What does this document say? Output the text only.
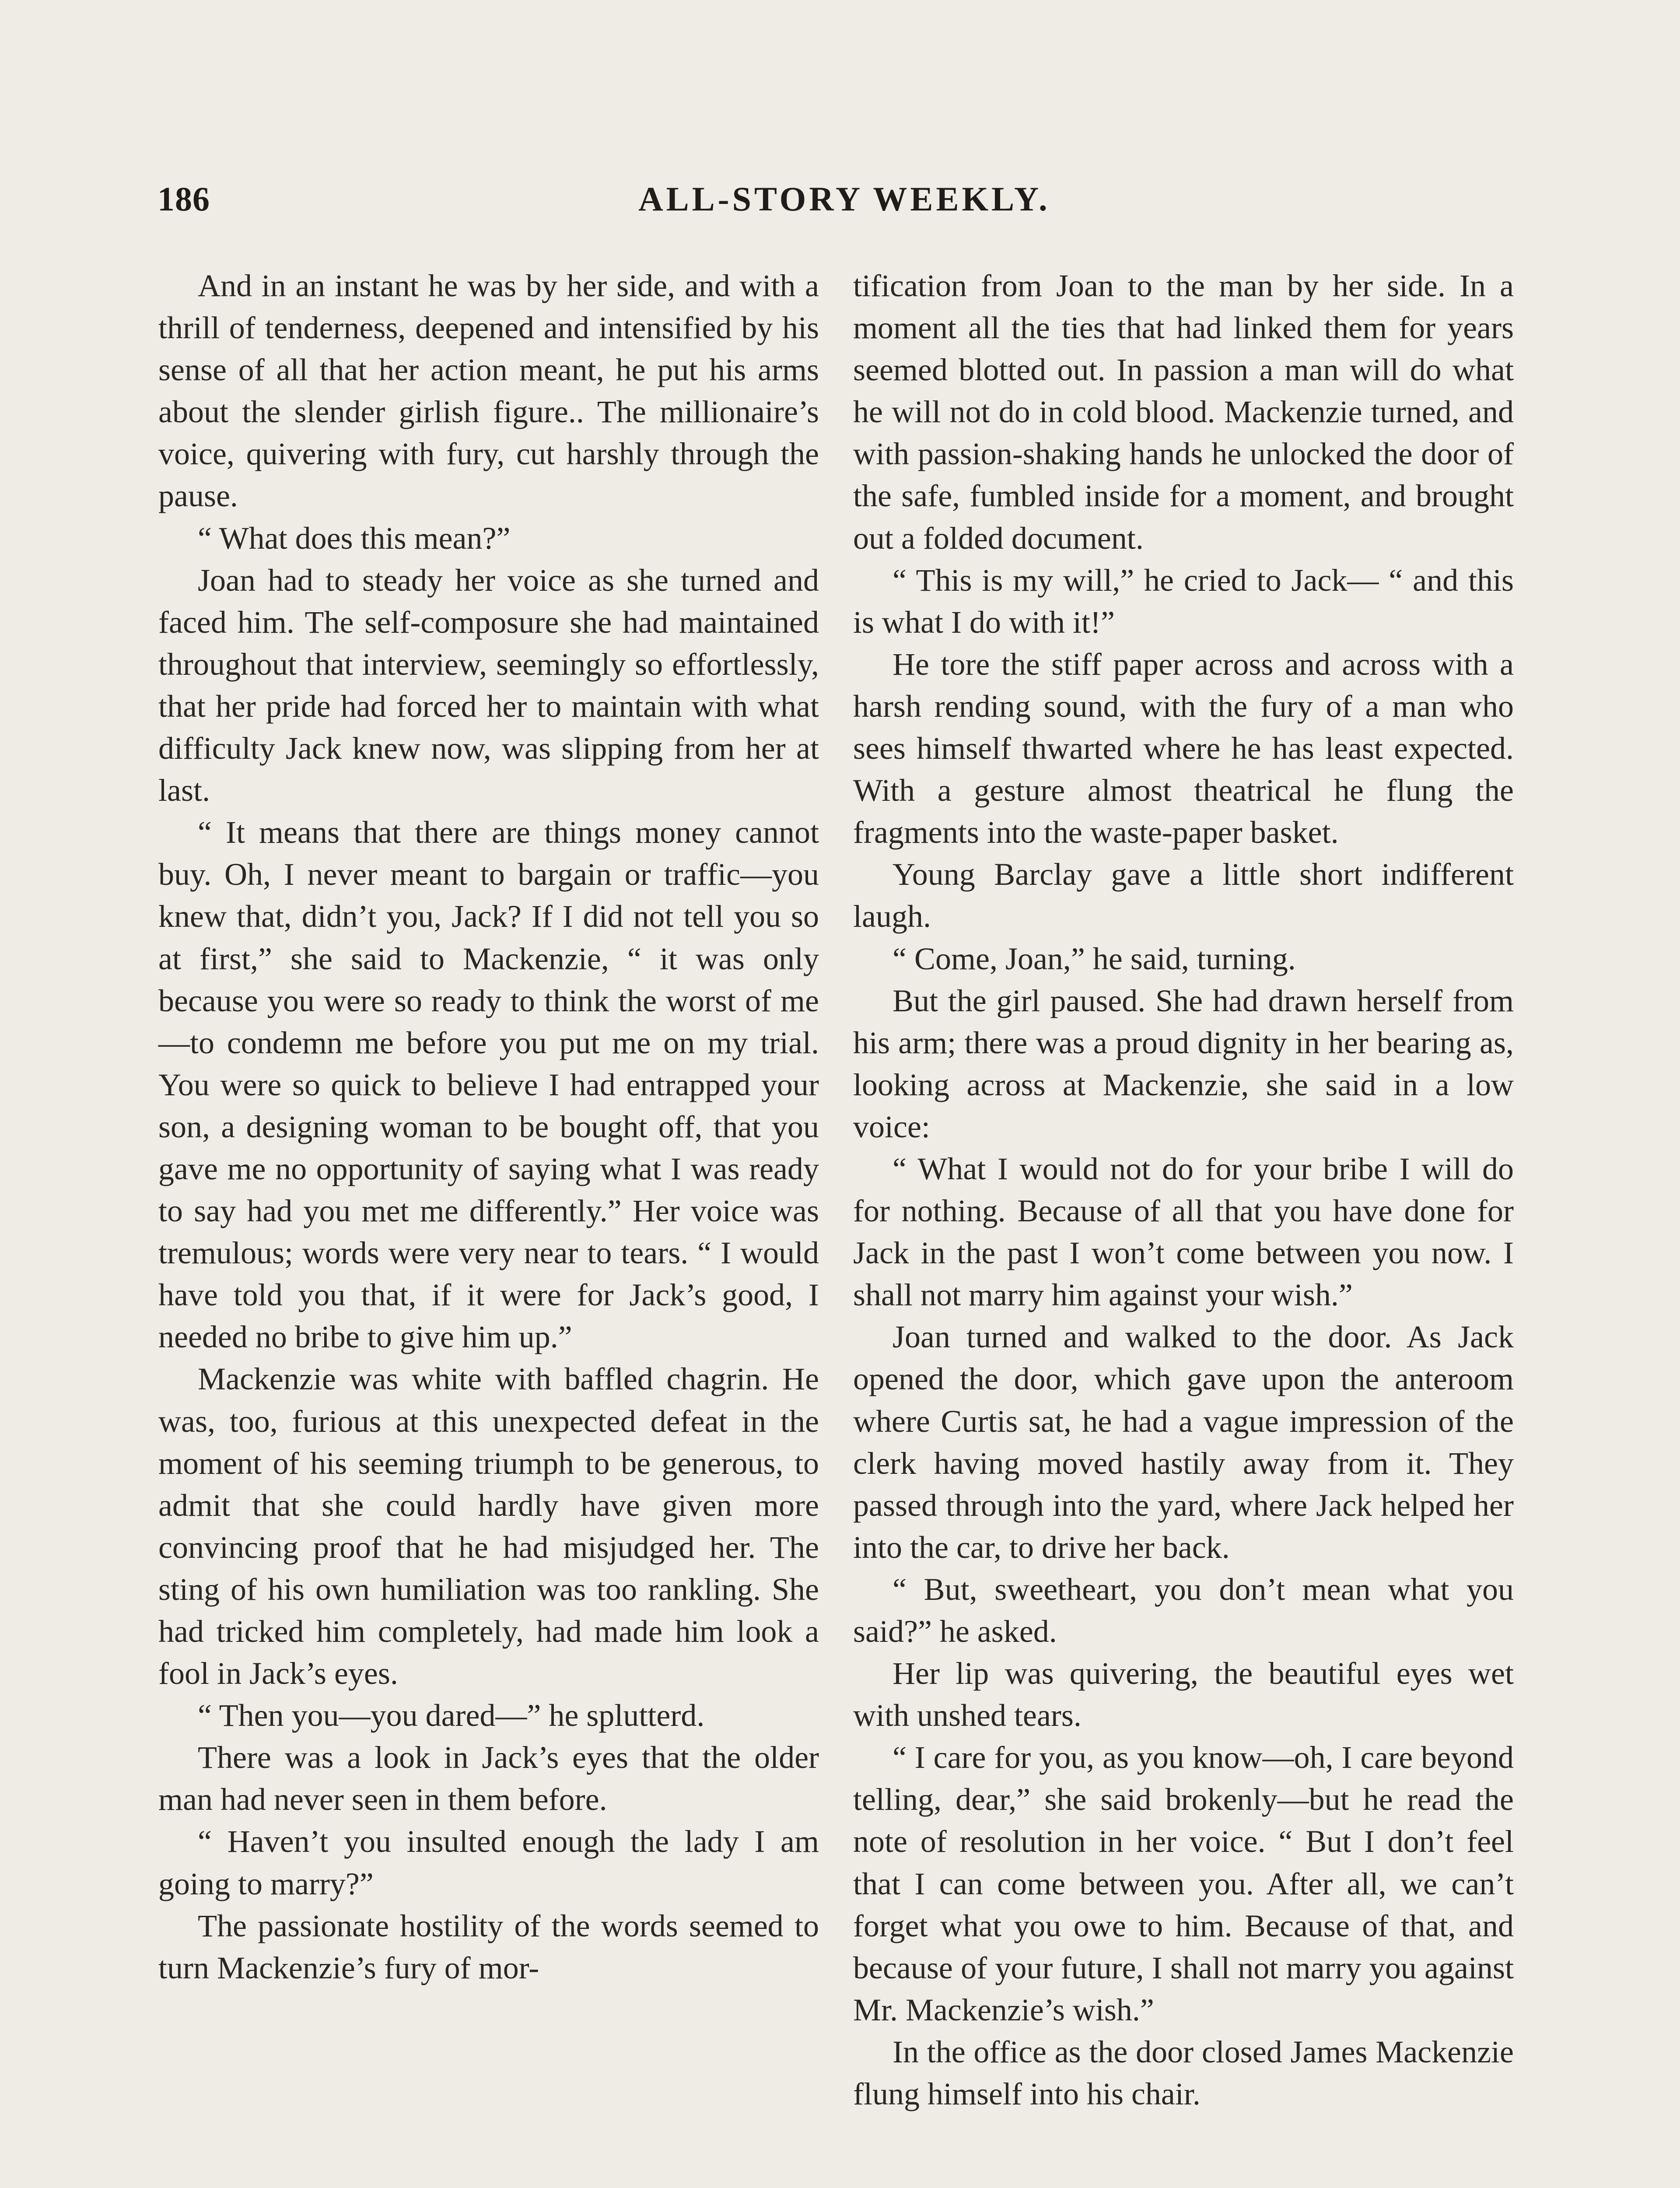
186	ALL-STORY WEEKLY.

And in an instant he was by her side, and with a thrill of tenderness, deepened and intensified by his sense of all that her action meant, he put his arms about the slender girlish figure.. The millionaire’s voice, quivering with fury, cut harshly through the pause.

“ What does this mean?”

Joan had to steady her voice as she turned and faced him. The self-composure she had maintained throughout that interview, seemingly so effortlessly, that her pride had forced her to maintain with what difficulty Jack knew now, was slipping from her at last.

“ It means that there are things money cannot buy. Oh, I never meant to bargain or traffic—you knew that, didn’t you, Jack? If I did not tell you so at first,” she said to Mackenzie, “ it was only because you were so ready to think the worst of me—to condemn me before you put me on my trial. You were so quick to believe I had entrapped your son, a designing woman to be bought off, that you gave me no opportunity of saying what I was ready to say had you met me differently.” Her voice was tremulous; words were very near to tears. “ I would have told you that, if it were for Jack’s good, I needed no bribe to give him up.”

Mackenzie was white with baffled chagrin. He was, too, furious at this unexpected defeat in the moment of his seeming triumph to be generous, to admit that she could hardly have given more convincing proof that he had misjudged her. The sting of his own humiliation was too rankling. She had tricked him completely, had made him look a fool in Jack’s eyes.

“ Then you—you dared—” he splutterd.

There was a look in Jack’s eyes that the older man had never seen in them before.

“ Haven’t you insulted enough the lady I am going to marry?”

The passionate hostility of the words seemed to turn Mackenzie’s fury of mor-

tification from Joan to the man by her side. In a moment all the ties that had linked them for years seemed blotted out. In passion a man will do what he will not do in cold blood. Mackenzie turned, and with passion-shaking hands he unlocked the door of the safe, fumbled inside for a moment, and brought out a folded document.

“ This is my will,” he cried to Jack— “ and this is what I do with it!”

He tore the stiff paper across and across with a harsh rending sound, with the fury of a man who sees himself thwarted where he has least expected. With a gesture almost theatrical he flung the fragments into the waste-paper basket.

Young Barclay gave a little short indifferent laugh.

“ Come, Joan,” he said, turning.

But the girl paused. She had drawn herself from his arm; there was a proud dignity in her bearing as, looking across at Mackenzie, she said in a low voice:

“ What I would not do for your bribe I will do for nothing. Because of all that you have done for Jack in the past I won’t come between you now. I shall not marry him against your wish.”

Joan turned and walked to the door. As Jack opened the door, which gave upon the anteroom where Curtis sat, he had a vague impression of the clerk having moved hastily away from it. They passed through into the yard, where Jack helped her into the car, to drive her back.

“ But, sweetheart, you don’t mean what you said?” he asked.

Her lip was quivering, the beautiful eyes wet with unshed tears.

“ I care for you, as you know—oh, I care beyond telling, dear,” she said brokenly—but he read the note of resolution in her voice. “ But I don’t feel that I can come between you. After all, we can’t forget what you owe to him. Because of that, and because of your future, I shall not marry you against Mr. Mackenzie’s wish.”

In the office as the door closed James Mackenzie flung himself into his chair.
